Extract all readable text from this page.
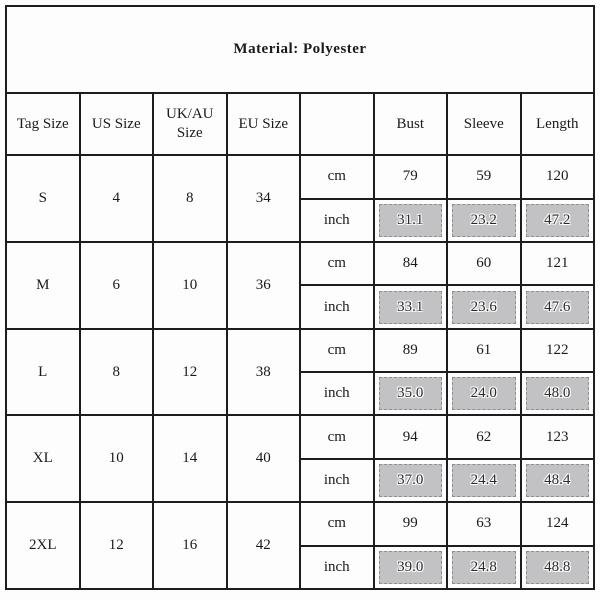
Material: Polyester							
Tag Size	US Size	UK/AU Size	EU Size		Bust	Sleeve	Length
S	4	8	34	cm	79	59	120
				inch	31.1	23.2	47.2

M	6	10	36	cm	84	60	121
				inch	33.1	23.6	47.6

L	8	12	38	cm	89	61	122
				inch	35.0	24.0	48.0

XL	10	14	40	cm	94	62	123
				inch	37.0	24.4	48.4

2XL	12	16	42	cm	99	63	124
				inch	39.0	24.8	48.8
